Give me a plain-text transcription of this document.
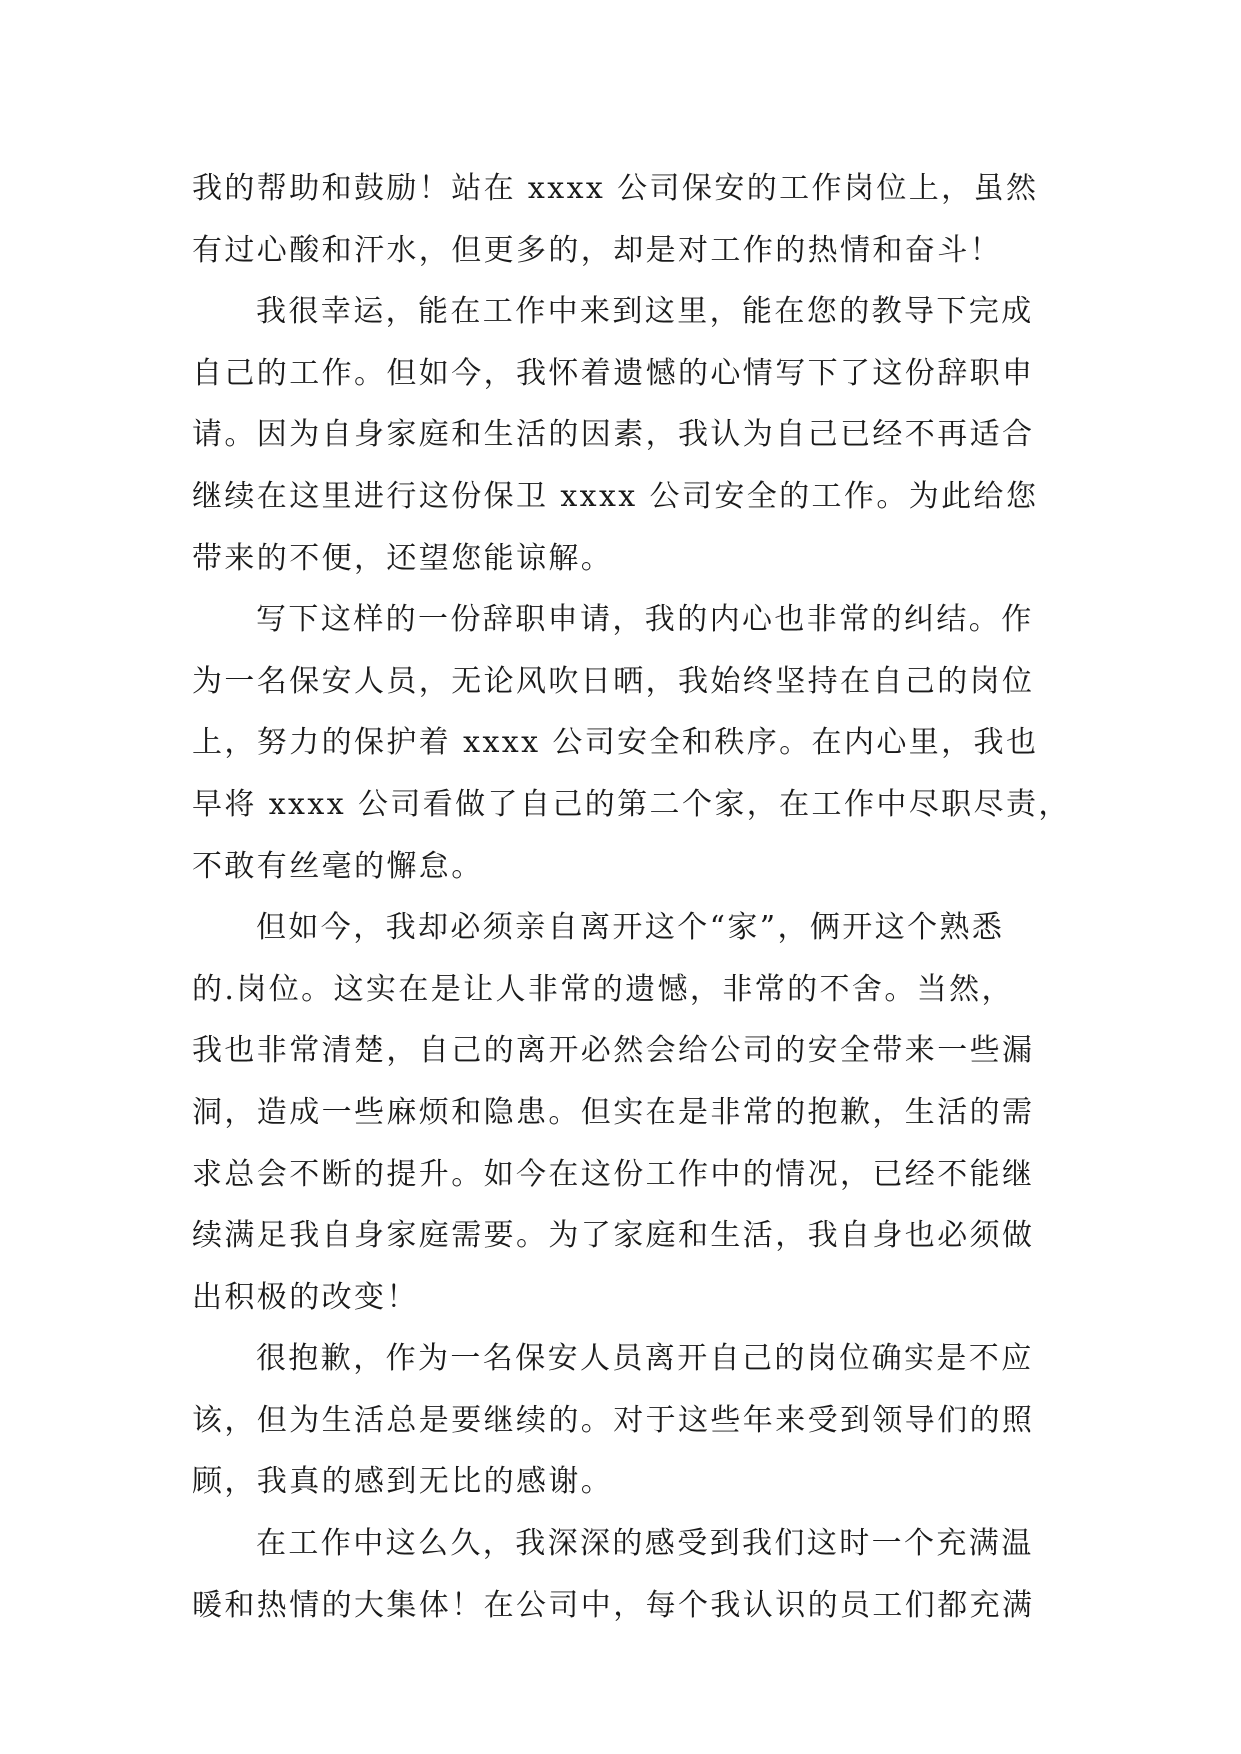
我的帮助和鼓励！站在 xxxx 公司保安的工作岗位上，虽然
有过心酸和汗水，但更多的，却是对工作的热情和奋斗！
我很幸运，能在工作中来到这里，能在您的教导下完成
自己的工作。但如今，我怀着遗憾的心情写下了这份辞职申
请。因为自身家庭和生活的因素，我认为自己已经不再适合
继续在这里进行这份保卫 xxxx 公司安全的工作。为此给您
带来的不便，还望您能谅解。
写下这样的一份辞职申请，我的内心也非常的纠结。作
为一名保安人员，无论风吹日晒，我始终坚持在自己的岗位
上，努力的保护着 xxxx 公司安全和秩序。在内心里，我也
早将 xxxx 公司看做了自己的第二个家，在工作中尽职尽责，
不敢有丝毫的懈怠。
但如今，我却必须亲自离开这个“家”，俩开这个熟悉
的.岗位。这实在是让人非常的遗憾，非常的不舍。当然，
我也非常清楚，自己的离开必然会给公司的安全带来一些漏
洞，造成一些麻烦和隐患。但实在是非常的抱歉，生活的需
求总会不断的提升。如今在这份工作中的情况，已经不能继
续满足我自身家庭需要。为了家庭和生活，我自身也必须做
出积极的改变！
很抱歉，作为一名保安人员离开自己的岗位确实是不应
该，但为生活总是要继续的。对于这些年来受到领导们的照
顾，我真的感到无比的感谢。
在工作中这么久，我深深的感受到我们这时一个充满温
暖和热情的大集体！在公司中，每个我认识的员工们都充满
